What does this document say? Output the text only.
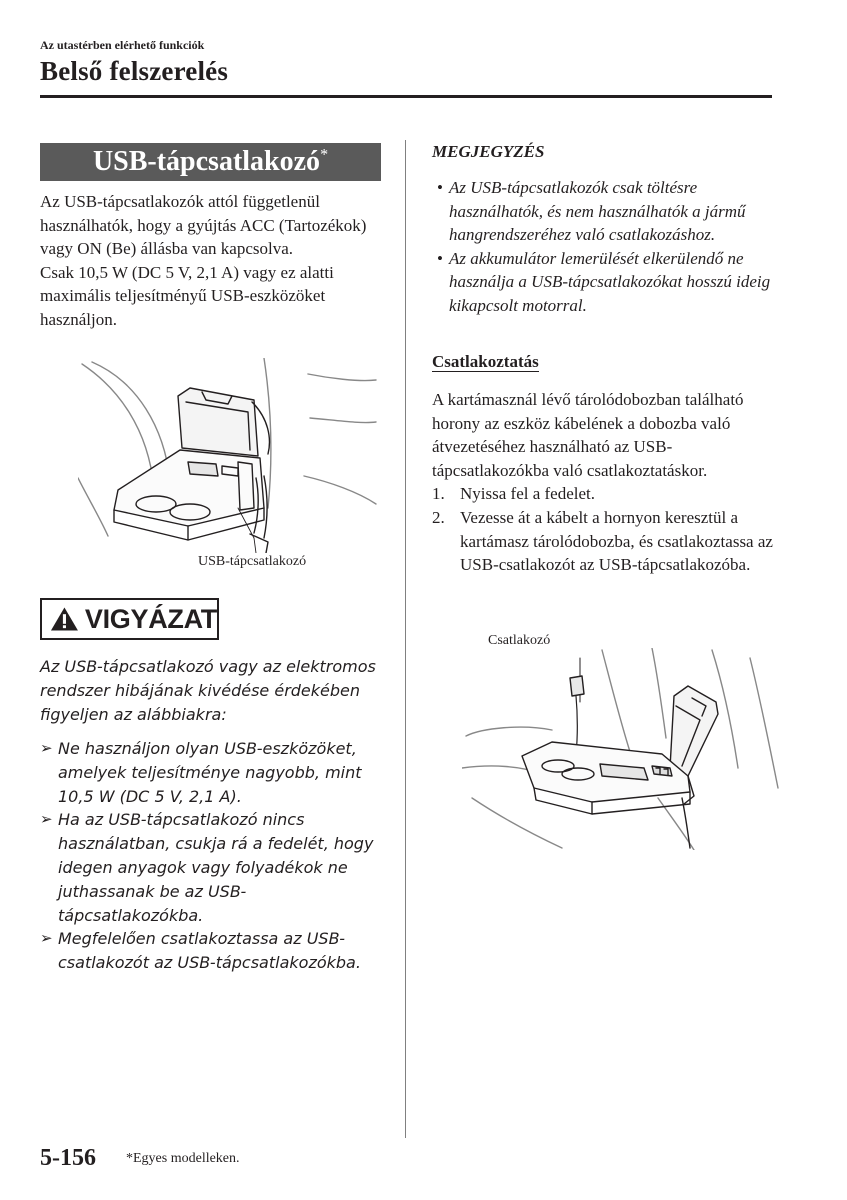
Az utastérben elérhető funkciók
Belső felszerelés
USB-tápcsatlakozó*

Az USB-tápcsatlakozók attól függetlenül használhatók, hogy a gyújtás ACC (Tartozékok) vagy ON (Be) állásba van kapcsolva.

Csak 10,5 W (DC 5 V, 2,1 A) vagy ez alatti maximális teljesítményű USB-eszközöket használjon.

USB-tápcsatlakozó
VIGYÁZAT
Az USB-tápcsatlakozó vagy az elektromos rendszer hibájának kivédése érdekében figyeljen az alábbiakra:
➢ Ne használjon olyan USB-eszközöket, amelyek teljesítménye nagyobb, mint 10,5 W (DC 5 V, 2,1 A).
➢ Ha az USB-tápcsatlakozó nincs használatban, csukja rá a fedelét, hogy idegen anyagok vagy folyadékok ne juthassanak be az USB-tápcsatlakozókba.
➢ Megfelelően csatlakoztassa az USB-csatlakozót az USB-tápcsatlakozókba.
MEGJEGYZÉS
• Az USB-tápcsatlakozók csak töltésre használhatók, és nem használhatók a jármű hangrendszeréhez való csatlakozáshoz.
• Az akkumulátor lemerülését elkerülendő ne használja a USB-tápcsatlakozókat hosszú ideig kikapcsolt motorral.
Csatlakoztatás

A kartámasznál lévő tárolódobozban található horony az eszköz kábelének a dobozba való átvezetéséhez használható az USB-tápcsatlakozókba való csatlakoztatáskor.

1. Nyissa fel a fedelet.
2. Vezesse át a kábelt a hornyon keresztül a kartámasz tárolódobozba, és csatlakoztassa az USB-csatlakozót az USB-tápcsatlakozóba.
Csatlakozó
5-156 *Egyes modelleken.
